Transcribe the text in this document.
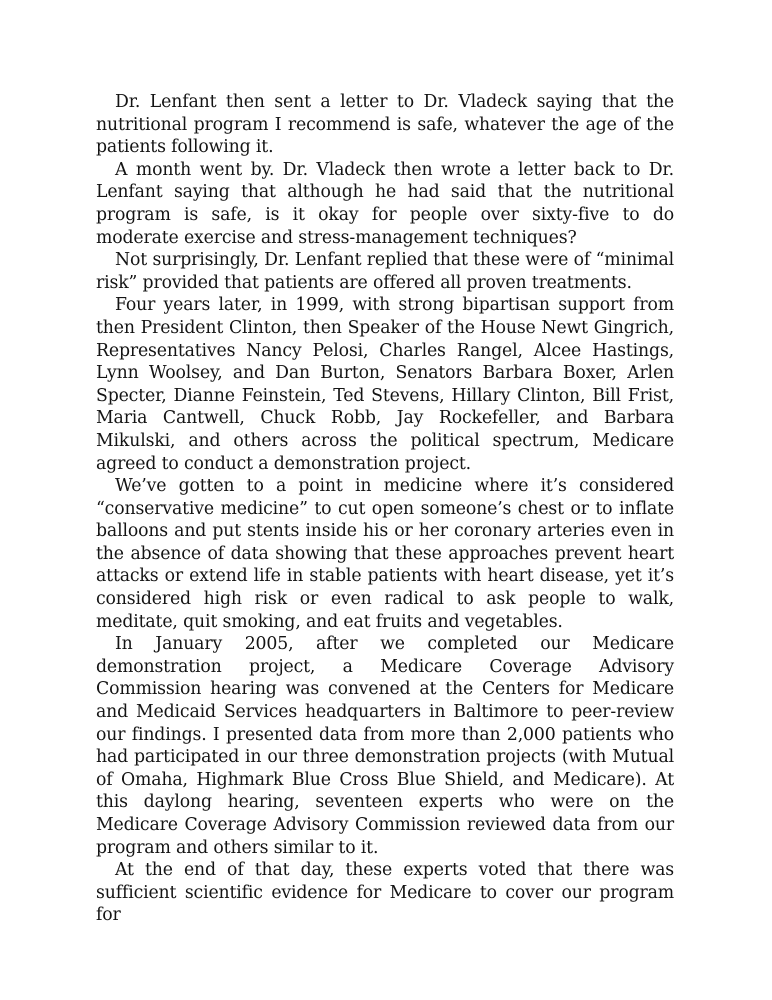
Dr. Lenfant then sent a letter to Dr. Vladeck saying that the nutritional program I recommend is safe, whatever the age of the patients following it.

A month went by. Dr. Vladeck then wrote a letter back to Dr. Lenfant saying that although he had said that the nutritional program is safe, is it okay for people over sixty-five to do moderate exercise and stress-management techniques?

Not surprisingly, Dr. Lenfant replied that these were of “minimal risk” provided that patients are offered all proven treatments.

Four years later, in 1999, with strong bipartisan support from then President Clinton, then Speaker of the House Newt Gingrich, Representatives Nancy Pelosi, Charles Rangel, Alcee Hastings, Lynn Woolsey, and Dan Burton, Senators Barbara Boxer, Arlen Specter, Dianne Feinstein, Ted Stevens, Hillary Clinton, Bill Frist, Maria Cantwell, Chuck Robb, Jay Rockefeller, and Barbara Mikulski, and others across the political spectrum, Medicare agreed to conduct a demonstration project.

We’ve gotten to a point in medicine where it’s considered “conservative medicine” to cut open someone’s chest or to inflate balloons and put stents inside his or her coronary arteries even in the absence of data showing that these approaches prevent heart attacks or extend life in stable patients with heart disease, yet it’s considered high risk or even radical to ask people to walk, meditate, quit smoking, and eat fruits and vegetables.

In January 2005, after we completed our Medicare demonstration project, a Medicare Coverage Advisory Commission hearing was convened at the Centers for Medicare and Medicaid Services headquarters in Baltimore to peer-review our findings. I presented data from more than 2,000 patients who had participated in our three demonstration projects (with Mutual of Omaha, Highmark Blue Cross Blue Shield, and Medicare). At this daylong hearing, seventeen experts who were on the Medicare Coverage Advisory Commission reviewed data from our program and others similar to it.

At the end of that day, these experts voted that there was sufficient scientific evidence for Medicare to cover our program for
